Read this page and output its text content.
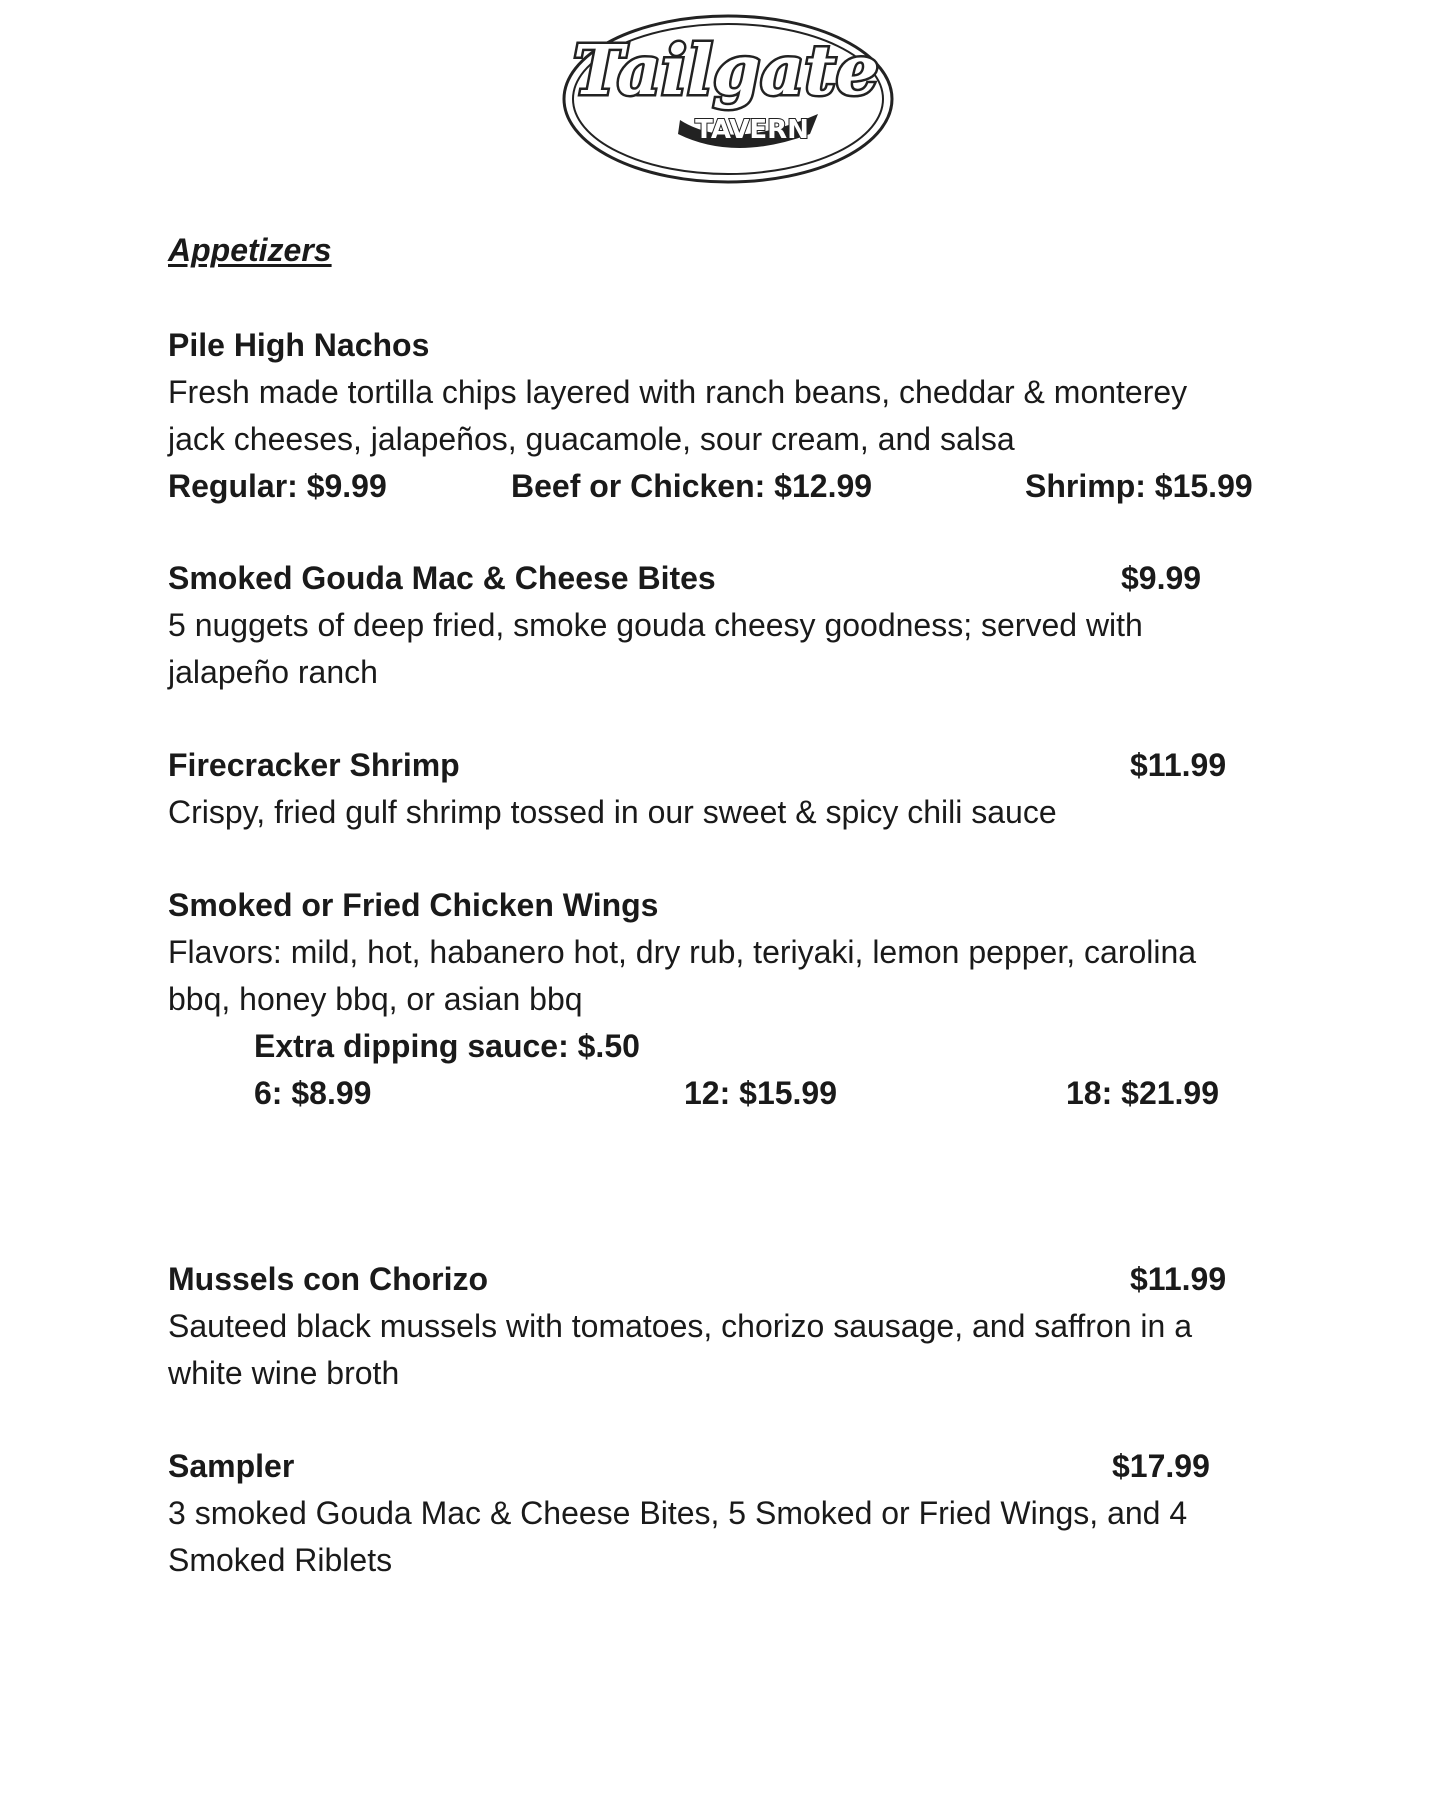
Tailgate
TAVERN
Appetizers
Pile High Nachos
Fresh made tortilla chips layered with ranch beans, cheddar & monterey
jack cheeses, jalapeños, guacamole, sour cream, and salsa
Regular: $9.99	Beef or Chicken: $12.99	Shrimp: $15.99
Smoked Gouda Mac & Cheese Bites	$9.99
5 nuggets of deep fried, smoke gouda cheesy goodness; served with
jalapeño ranch
Firecracker Shrimp	$11.99
Crispy, fried gulf shrimp tossed in our sweet & spicy chili sauce
Smoked or Fried Chicken Wings
Flavors: mild, hot, habanero hot, dry rub, teriyaki, lemon pepper, carolina
bbq, honey bbq, or asian bbq
Extra dipping sauce: $.50
6: $8.99	12: $15.99	18: $21.99
Mussels con Chorizo	$11.99
Sauteed black mussels with tomatoes, chorizo sausage, and saffron in a
white wine broth
Sampler	$17.99
3 smoked Gouda Mac & Cheese Bites, 5 Smoked or Fried Wings, and 4
Smoked Riblets
